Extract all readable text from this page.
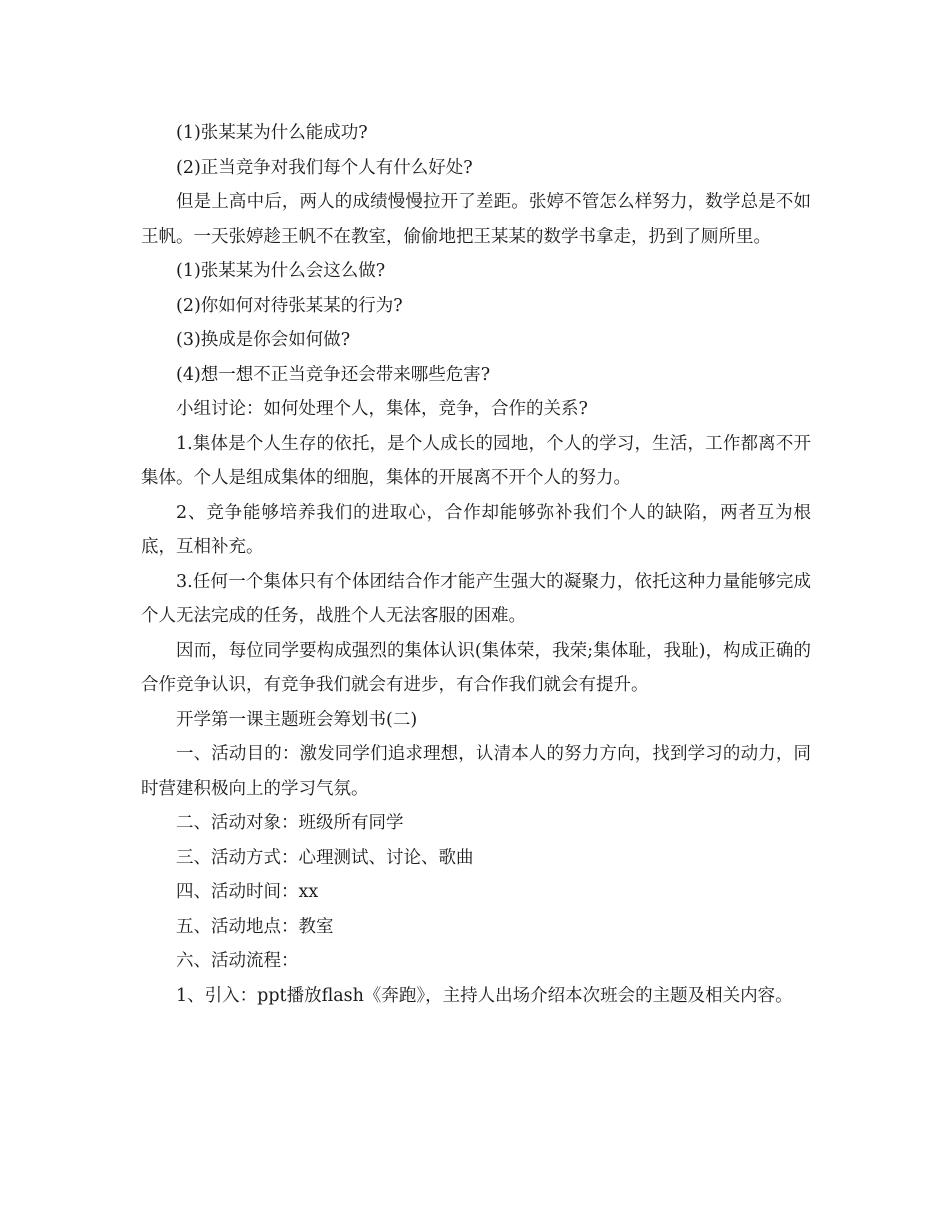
(1)张某某为什么能成功?

(2)正当竞争对我们每个人有什么好处?

但是上高中后，两人的成绩慢慢拉开了差距。张婷不管怎么样努力，数学总是不如王帆。一天张婷趁王帆不在教室，偷偷地把王某某的数学书拿走，扔到了厕所里。

(1)张某某为什么会这么做?

(2)你如何对待张某某的行为?

(3)换成是你会如何做?

(4)想一想不正当竞争还会带来哪些危害?

小组讨论：如何处理个人，集体，竞争，合作的关系?

1.集体是个人生存的依托，是个人成长的园地，个人的学习，生活，工作都离不开集体。个人是组成集体的细胞，集体的开展离不开个人的努力。

2、竞争能够培养我们的进取心，合作却能够弥补我们个人的缺陷，两者互为根底，互相补充。

3.任何一个集体只有个体团结合作才能产生强大的凝聚力，依托这种力量能够完成个人无法完成的任务，战胜个人无法客服的困难。

因而，每位同学要构成强烈的集体认识(集体荣，我荣;集体耻，我耻)，构成正确的合作竞争认识，有竞争我们就会有进步，有合作我们就会有提升。

开学第一课主题班会筹划书(二)

一、活动目的：激发同学们追求理想，认清本人的努力方向，找到学习的动力，同时营建积极向上的学习气氛。

二、活动对象：班级所有同学

三、活动方式：心理测试、讨论、歌曲

四、活动时间：xx

五、活动地点：教室

六、活动流程：

1、引入：ppt播放flash《奔跑》，主持人出场介绍本次班会的主题及相关内容。
